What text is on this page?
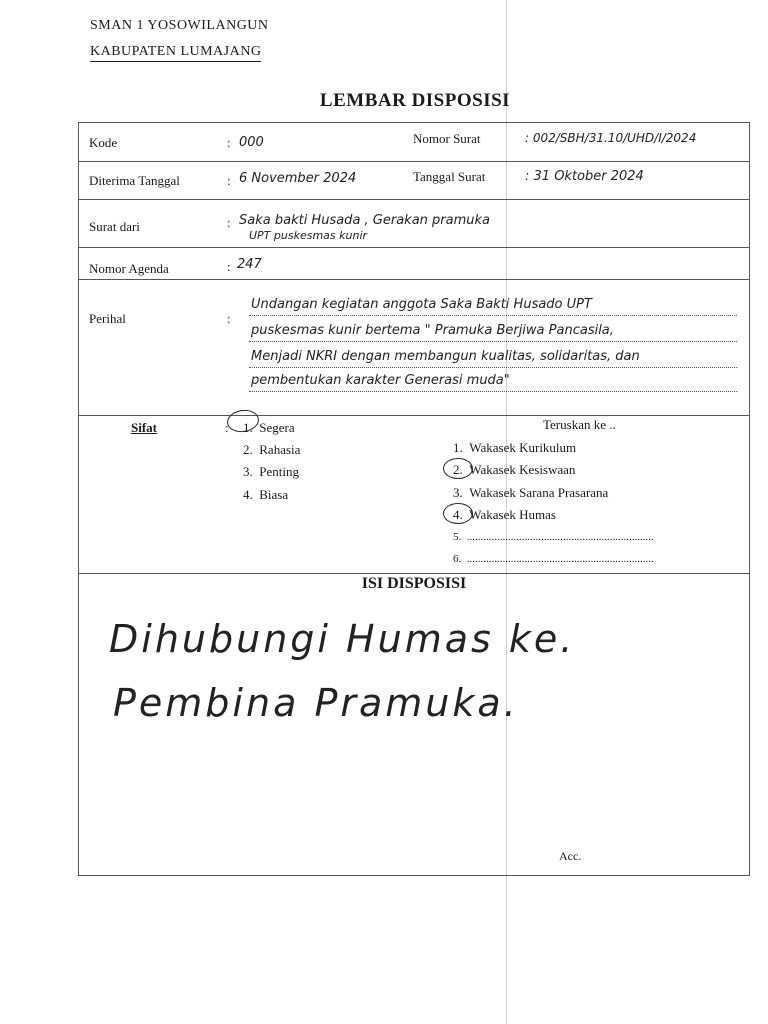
SMAN 1 YOSOWILANGUN
KABUPATEN LUMAJANG
LEMBAR DISPOSISI
Kode	: 000	Nomor Surat	: 002/SBH/31.10/UHD/I/2024
Diterima Tanggal	: 6 November 2024	Tanggal Surat	: 31 Oktober 2024
Surat dari	: Saka bakti Husada , Gerakan pramuka
UPT puskesmas kunir
Nomor Agenda	: 247
Perihal	:
Undangan kegiatan anggota Saka Bakti Husado UPT
puskesmas kunir bertema " Pramuka Berjiwa Pancasila,
Menjadi NKRI dengan membangun kualitas, solidaritas, dan
pembentukan karakter Generasi muda"
Sifat	: 1.  Segera
2.  Rahasia
3.  Penting
4.  Biasa
Teruskan ke ..
1.  Wakasek Kurikulum
2.  Wakasek Kesiswaan
3.  Wakasek Sarana Prasarana
4.  Wakasek Humas
5.  ....................................................................
6.  ....................................................................
ISI DISPOSISI
Dihubungi Humas ke.
Pembina Pramuka.
Acc.
